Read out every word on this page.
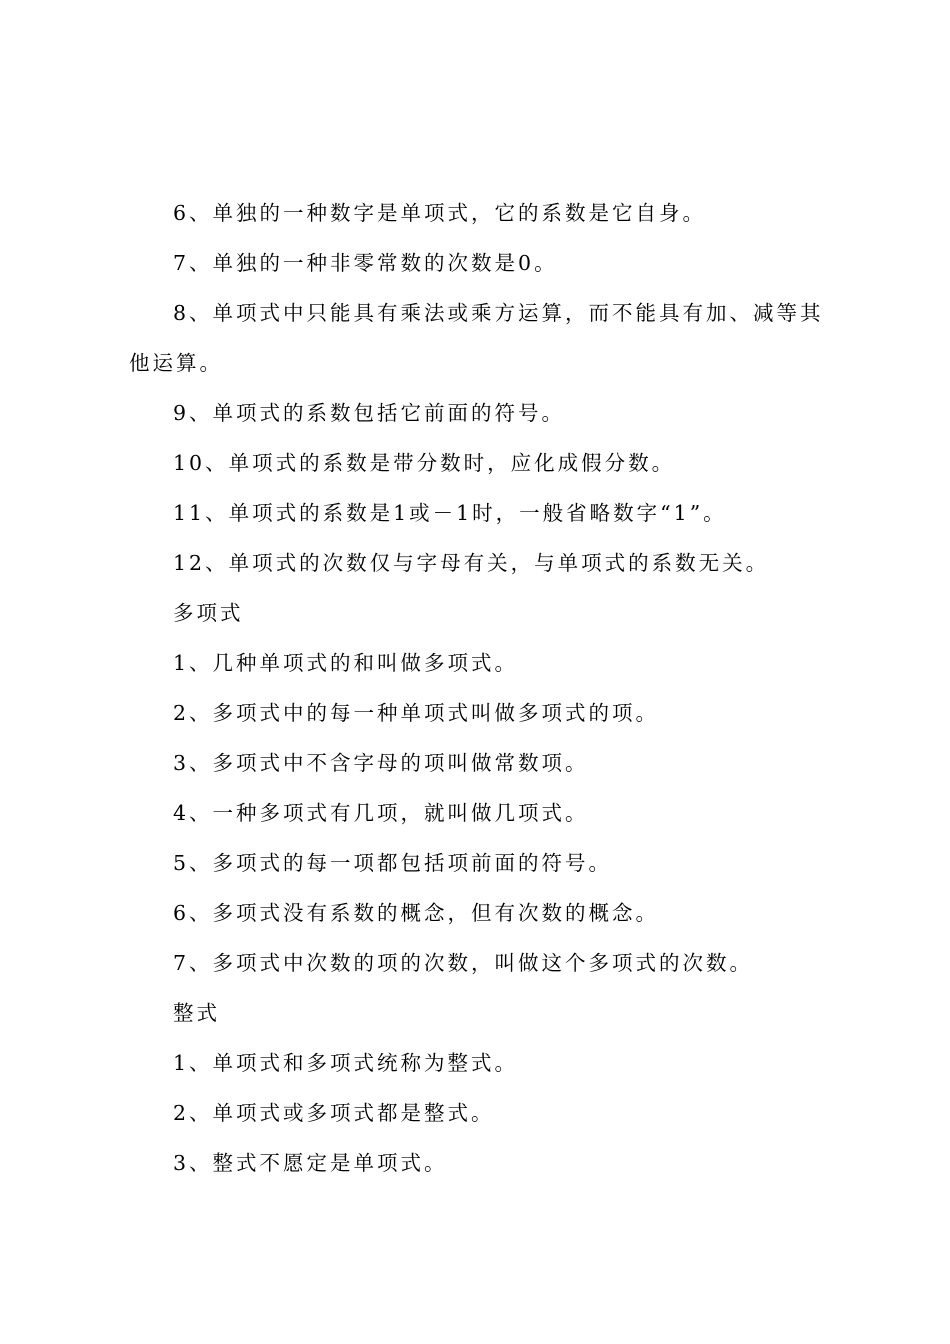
6、单独的一种数字是单项式，它的系数是它自身。

7、单独的一种非零常数的次数是0。

8、单项式中只能具有乘法或乘方运算，而不能具有加、减等其他运算。

9、单项式的系数包括它前面的符号。

10、单项式的系数是带分数时，应化成假分数。

11、单项式的系数是1或－1时，一般省略数字“1”。

12、单项式的次数仅与字母有关，与单项式的系数无关。

多项式

1、几种单项式的和叫做多项式。

2、多项式中的每一种单项式叫做多项式的项。

3、多项式中不含字母的项叫做常数项。

4、一种多项式有几项，就叫做几项式。

5、多项式的每一项都包括项前面的符号。

6、多项式没有系数的概念，但有次数的概念。

7、多项式中次数的项的次数，叫做这个多项式的次数。

整式

1、单项式和多项式统称为整式。

2、单项式或多项式都是整式。

3、整式不愿定是单项式。
